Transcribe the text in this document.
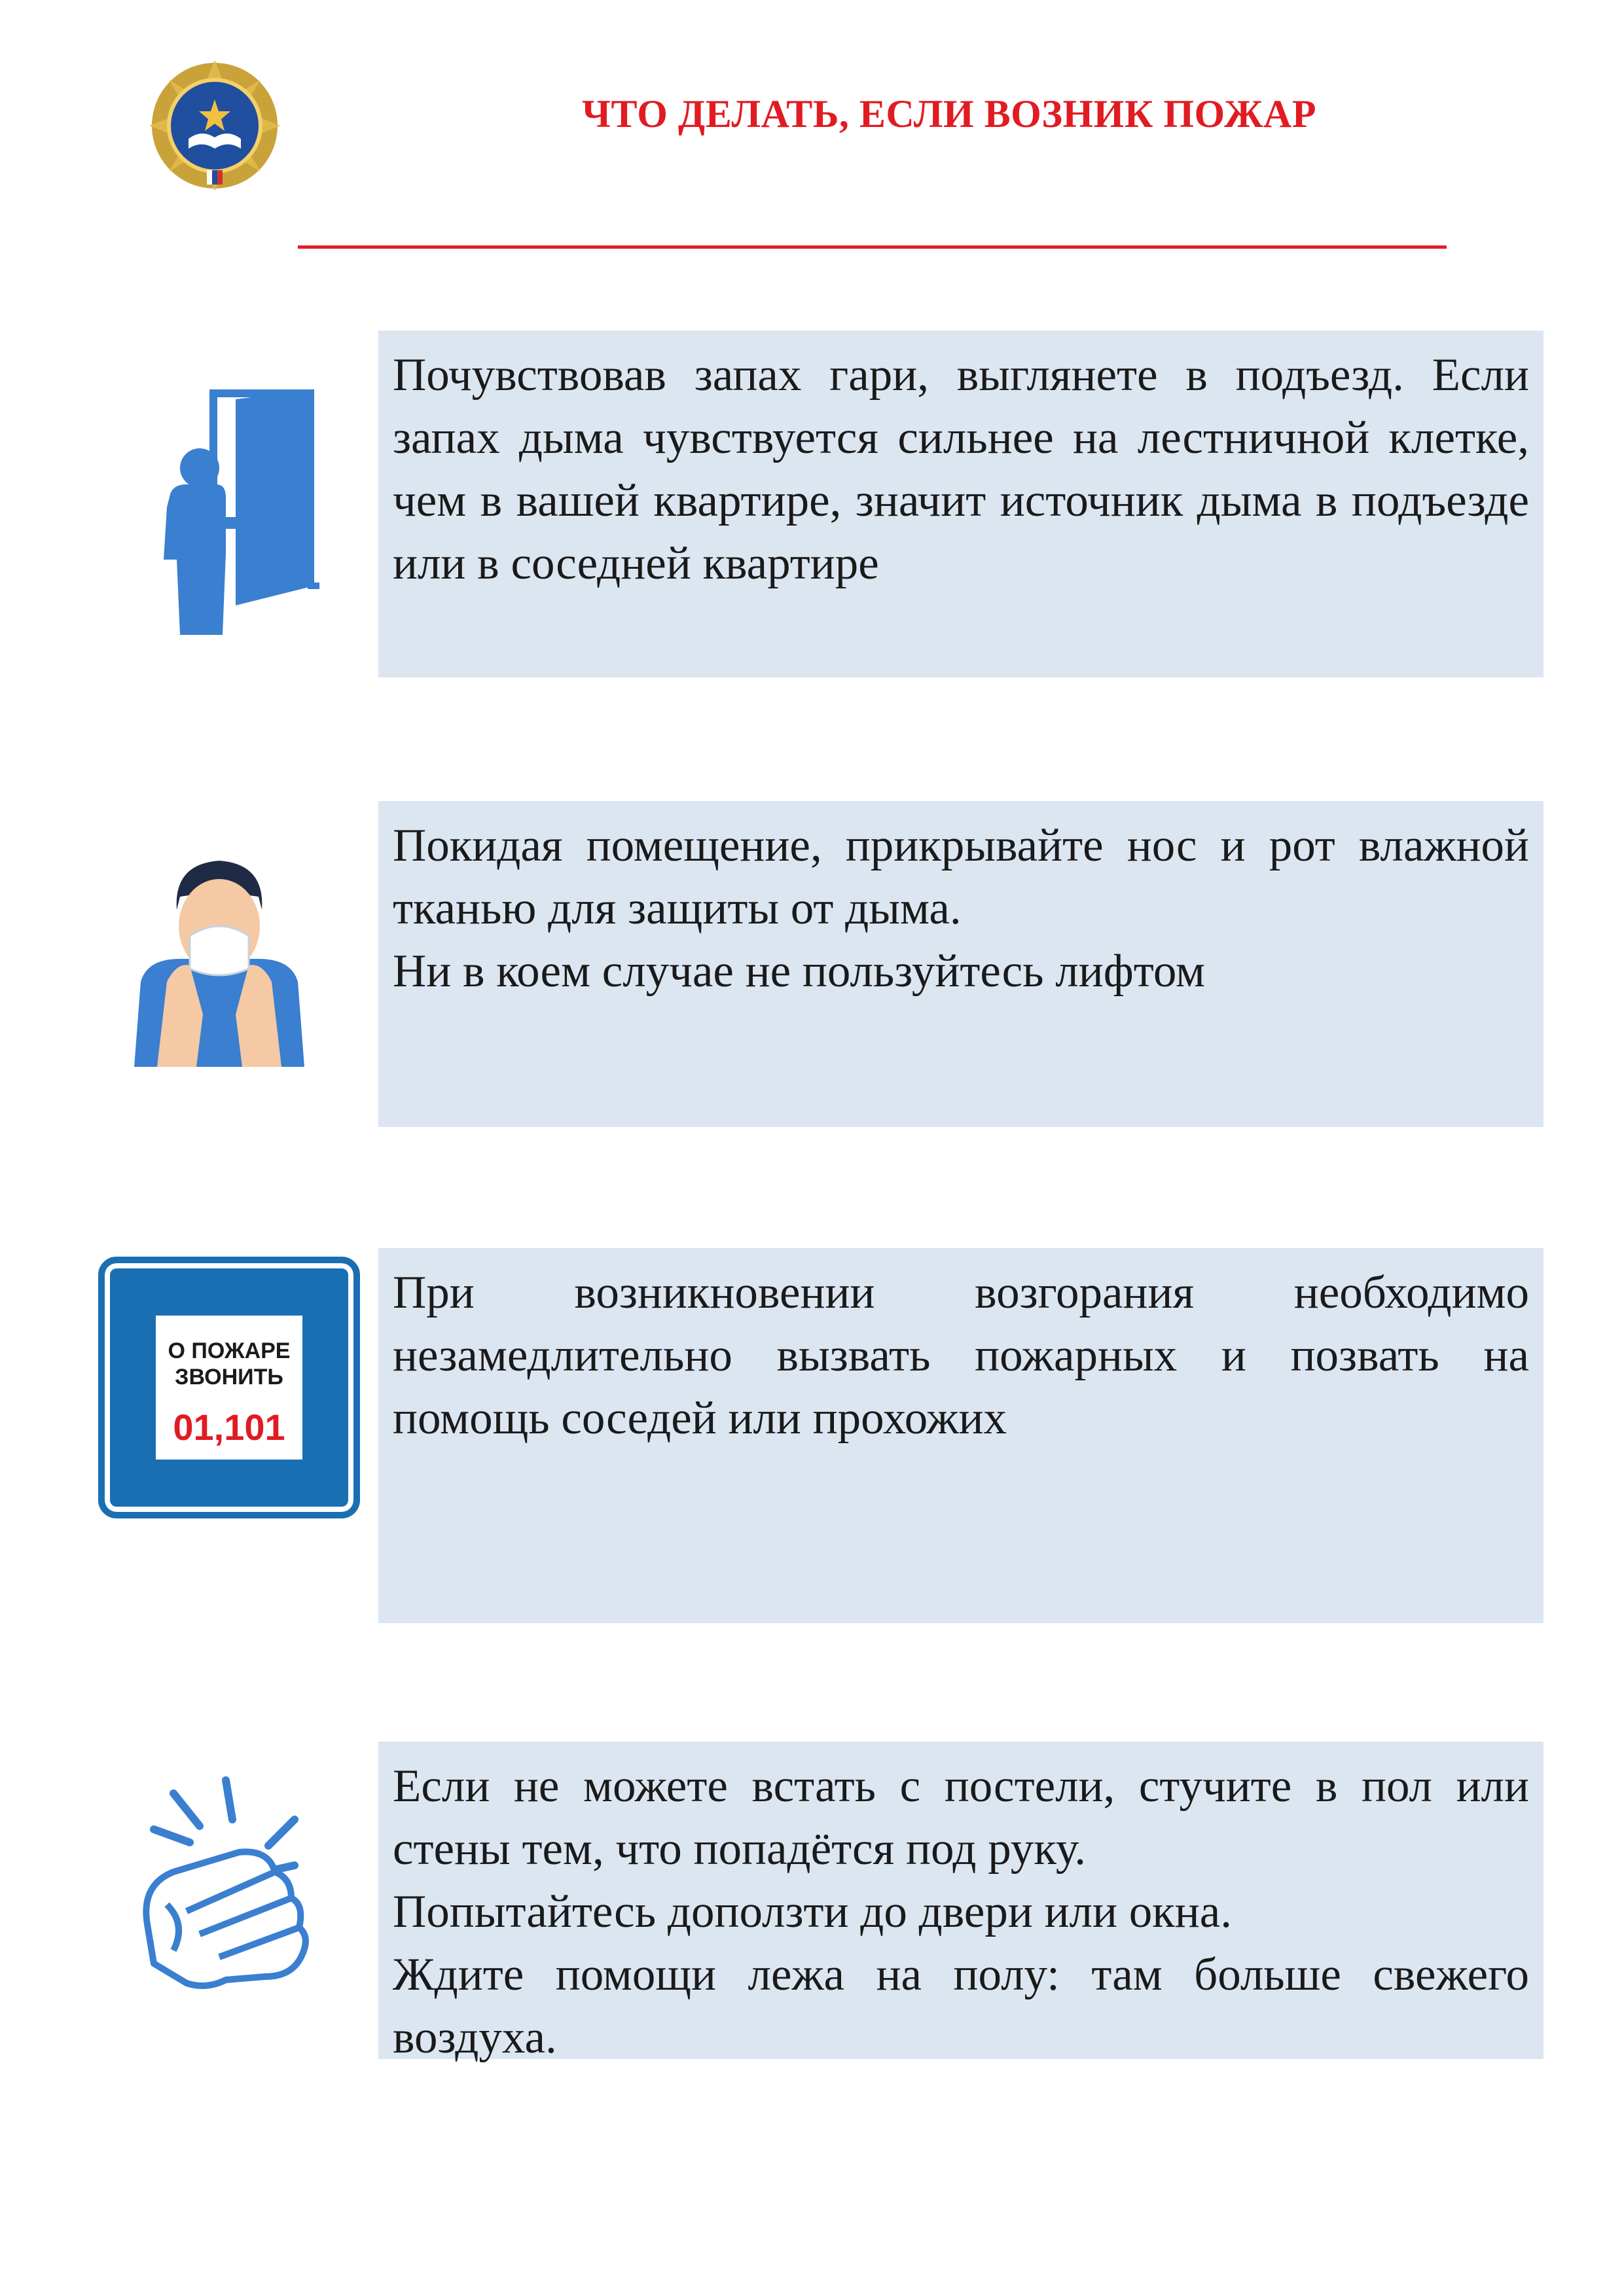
ЧТО ДЕЛАТЬ, ЕСЛИ ВОЗНИК ПОЖАР

Почувствовав запах гари, выглянете в подъезд. Если запах дыма чувствуется сильнее на лестничной клетке, чем в вашей квартире, значит источник дыма в подъезде или в соседней квартире

Покидая помещение, прикрывайте нос и рот влажной тканью для защиты от дыма.

Ни в коем случае не пользуйтесь лифтом

О ПОЖАРЕ
ЗВОНИТЬ
01,101

При возникновении возгорания необходимо незамедлительно вызвать пожарных и позвать на помощь соседей или прохожих

Если не можете встать с постели, стучите в пол или стены тем, что попадётся под руку.

Попытайтесь доползти до двери или окна.

Ждите помощи лежа на полу: там больше свежего воздуха.
